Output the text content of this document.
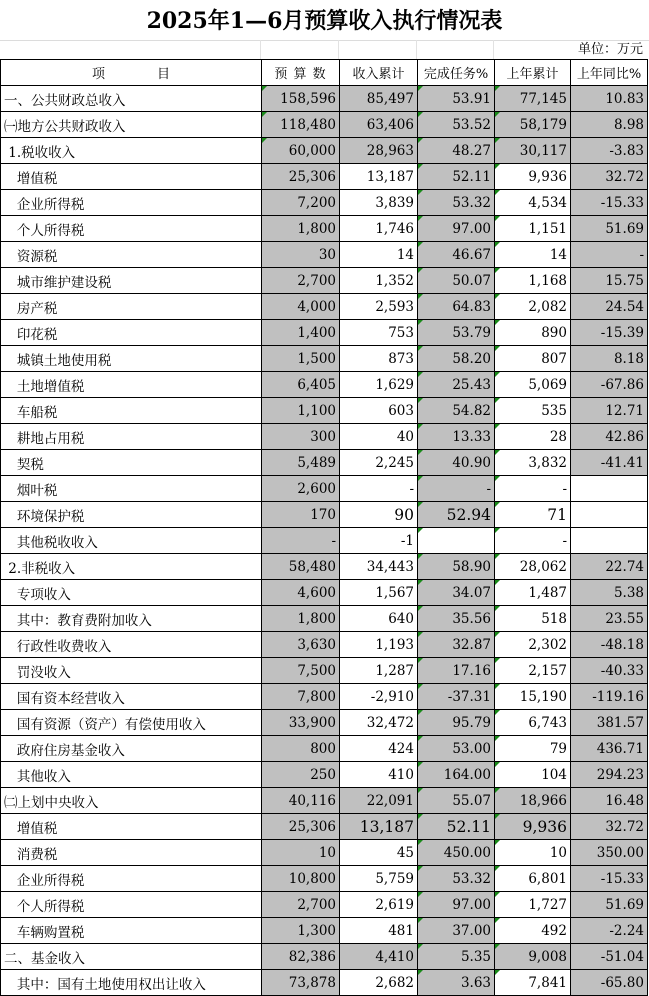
2025年1—6月预算收入执行情况表
单位：万元
项　　　　目	预 算 数	收入累计	完成任务%	上年累计	上年同比%
一、公共财政总收入	158,596	85,497	53.91	77,145	10.83
㈠地方公共财政收入	118,480	63,406	53.52	58,179	8.98
1.税收收入	60,000	28,963	48.27	30,117	-3.83
增值税	25,306	13,187	52.11	9,936	32.72
企业所得税	7,200	3,839	53.32	4,534	-15.33
个人所得税	1,800	1,746	97.00	1,151	51.69
资源税	30	14	46.67	14	-
城市维护建设税	2,700	1,352	50.07	1,168	15.75
房产税	4,000	2,593	64.83	2,082	24.54
印花税	1,400	753	53.79	890	-15.39
城镇土地使用税	1,500	873	58.20	807	8.18
土地增值税	6,405	1,629	25.43	5,069	-67.86
车船税	1,100	603	54.82	535	12.71
耕地占用税	300	40	13.33	28	42.86
契税	5,489	2,245	40.90	3,832	-41.41
烟叶税	2,600	-	-	-	
环境保护税	170	90	52.94	71	
其他税收收入	-	-1		-	
2.非税收入	58,480	34,443	58.90	28,062	22.74
专项收入	4,600	1,567	34.07	1,487	5.38
其中：教育费附加收入	1,800	640	35.56	518	23.55
行政性收费收入	3,630	1,193	32.87	2,302	-48.18
罚没收入	7,500	1,287	17.16	2,157	-40.33
国有资本经营收入	7,800	-2,910	-37.31	15,190	-119.16
国有资源（资产）有偿使用收入	33,900	32,472	95.79	6,743	381.57
政府住房基金收入	800	424	53.00	79	436.71
其他收入	250	410	164.00	104	294.23
㈡上划中央收入	40,116	22,091	55.07	18,966	16.48
增值税	25,306	13,187	52.11	9,936	32.72
消费税	10	45	450.00	10	350.00
企业所得税	10,800	5,759	53.32	6,801	-15.33
个人所得税	2,700	2,619	97.00	1,727	51.69
车辆购置税	1,300	481	37.00	492	-2.24
二、基金收入	82,386	4,410	5.35	9,008	-51.04
其中：国有土地使用权出让收入	73,878	2,682	3.63	7,841	-65.80
